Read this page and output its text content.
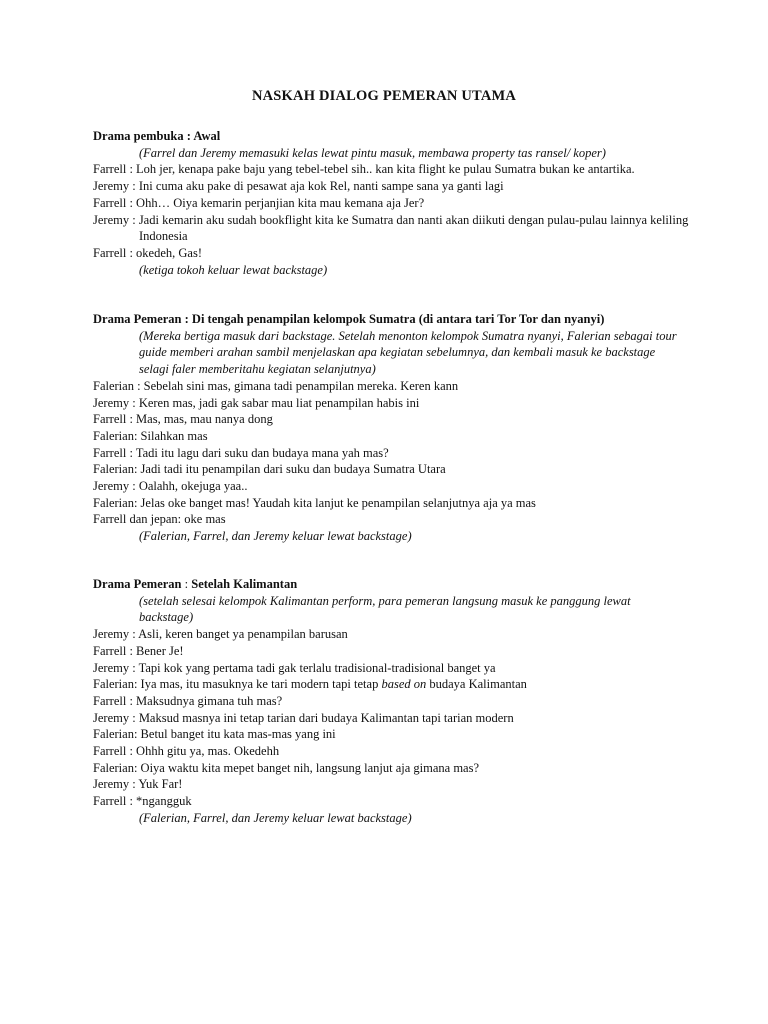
NASKAH DIALOG PEMERAN UTAMA
Drama pembuka : Awal
(Farrel dan Jeremy memasuki kelas lewat pintu masuk, membawa property tas ransel/ koper)
Farrell : Loh jer, kenapa pake baju yang tebel-tebel sih.. kan kita flight ke pulau Sumatra bukan ke antartika.
Jeremy : Ini cuma aku pake di pesawat aja kok Rel, nanti sampe sana ya ganti lagi
Farrell : Ohh… Oiya kemarin perjanjian kita mau kemana aja Jer?
Jeremy : Jadi kemarin aku sudah bookflight kita ke Sumatra dan nanti akan diikuti dengan pulau-pulau lainnya keliling Indonesia
Farrell : okedeh, Gas!
(ketiga tokoh keluar lewat backstage)
Drama Pemeran : Di tengah penampilan kelompok Sumatra (di antara tari Tor Tor dan nyanyi)
(Mereka bertiga masuk dari backstage. Setelah menonton kelompok Sumatra nyanyi, Falerian sebagai tour guide memberi arahan sambil menjelaskan apa kegiatan sebelumnya, dan kembali masuk ke backstage selagi faler memberitahu kegiatan selanjutnya)
Falerian : Sebelah sini mas, gimana tadi penampilan mereka. Keren kann
Jeremy : Keren mas, jadi gak sabar mau liat penampilan habis ini
Farrell : Mas, mas, mau nanya dong
Falerian: Silahkan mas
Farrell : Tadi itu lagu dari suku dan budaya mana yah mas?
Falerian: Jadi tadi itu penampilan dari suku dan budaya Sumatra Utara
Jeremy : Oalahh, okejuga yaa..
Falerian: Jelas oke banget mas! Yaudah kita lanjut ke penampilan selanjutnya aja ya mas
Farrell dan jepan: oke mas
(Falerian, Farrel, dan Jeremy keluar lewat backstage)
Drama Pemeran : Setelah Kalimantan
(setelah selesai kelompok Kalimantan perform, para pemeran langsung masuk ke panggung lewat backstage)
Jeremy : Asli, keren banget ya penampilan barusan
Farrell : Bener Je!
Jeremy : Tapi kok yang pertama tadi gak terlalu tradisional-tradisional banget ya
Falerian: Iya mas, itu masuknya ke tari modern tapi tetap based on budaya Kalimantan
Farrell : Maksudnya gimana tuh mas?
Jeremy : Maksud masnya ini tetap tarian dari budaya Kalimantan tapi tarian modern
Falerian: Betul banget itu kata mas-mas yang ini
Farrell : Ohhh gitu ya, mas. Okedehh
Falerian: Oiya waktu kita mepet banget nih, langsung lanjut aja gimana mas?
Jeremy : Yuk Far!
Farrell : *ngangguk
(Falerian, Farrel, dan Jeremy keluar lewat backstage)
